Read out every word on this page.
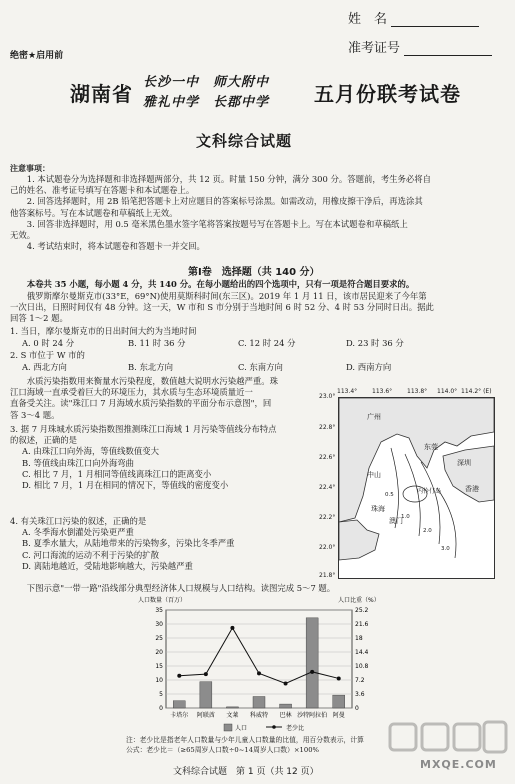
姓　名
准考证号
绝密★启用前
湖南省 长沙一中　师大附中
雅礼中学　长郡中学 五月份联考试卷
文科综合试题
注意事项：
　　1. 本试题卷分为选择题和非选择题两部分，共 12 页。时量 150 分钟，满分 300 分。答题前，考生务必将自
己的姓名、准考证号填写在答题卡和本试题卷上。
　　2. 回答选择题时，用 2B 铅笔把答题卡上对应题目的答案标号涂黑。如需改动，用橡皮擦干净后，再选涂其
他答案标号。写在本试题卷和草稿纸上无效。
　　3. 回答非选择题时，用 0.5 毫米黑色墨水签字笔将答案按题号写在答题卡上。写在本试题卷和草稿纸上
无效。
　　4. 考试结束时，将本试题卷和答题卡一并交回。
第Ⅰ卷　选择题（共 140 分）
　　本卷共 35 小题，每小题 4 分，共 140 分。在每小题给出的四个选项中，只有一项是符合题目要求的。
　　俄罗斯摩尔曼斯克市(33°E，69°N)使用莫斯科时间(东三区)。2019 年 1 月 11 日，该市居民迎来了今年第
一次日出，日照时间仅有 48 分钟。这一天，W 市和 S 市分别于当地时间 6 时 52 分、4 时 53 分同时日出。据此
回答 1～2 题。
1. 当日，摩尔曼斯克市的日出时间大约为当地时间
A. 0 时 24 分	B. 11 时 36 分	C. 12 时 24 分	D. 23 时 36 分
2. S 市位于 W 市的
A. 西北方向	B. 东北方向	C. 东南方向	D. 西南方向
　　水质污染指数用来衡量水污染程度，数值越大说明水污染越严重。珠
江口海域一直承受着巨大的环境压力，其水质与生态环境质量近一
直备受关注。读"珠江口 7 月海域水质污染指数的平面分布示意图"，回
答 3～4 题。
3. 据 7 月珠城水质污染指数图推测珠江口海域 1 月污染等值线分布特点
的叙述，正确的是
A. 由珠江口向外海，等值线数值变大
B. 等值线由珠江口向外海弯曲
C. 相比 7 月，1 月相同等值线离珠江口的距离变小
D. 相比 7 月，1 月在相同的情况下，等值线的密度变小
4. 有关珠江口污染的叙述，正确的是
A. 冬季海水倒灌处污染更严重
B. 夏季水量大，从陆地带来的污染物多，污染比冬季严重
C. 河口海流的运动不利于污染的扩散
D. 离陆地越近，受陆地影响越大，污染越严重
　　下图示意"一带一路"沿线部分典型经济体人口规模与人口结构。读图完成 5～7 题。
23.0°
22.8°
22.6°
22.4°
22.2°
22.0°
21.8°
113.4° 113.6° 113.8° 114.0° 114.2° (E)
广州
东莞
深圳
中山
珠海
香港
澳门
内伶仃岛
0.5
1.0
2.0
3.0
0
5
10
15
20
25
30
35
0
3.6
7.2
10.8
14.4
18
21.6
25.2
人口数量（百万）	人口比重（%）
卡塔尔 阿联酋 文莱 科威特 巴林 沙特阿拉伯 阿曼
人口	老少比
注：老少比是指老年人口数量与少年儿童人口数量的比值，用百分数表示，计算
公式：老少比＝（≥65周岁人口数÷0~14周岁人口数）×100%
文科综合试题　第 1 页（共 12 页）
MXQE.COM
